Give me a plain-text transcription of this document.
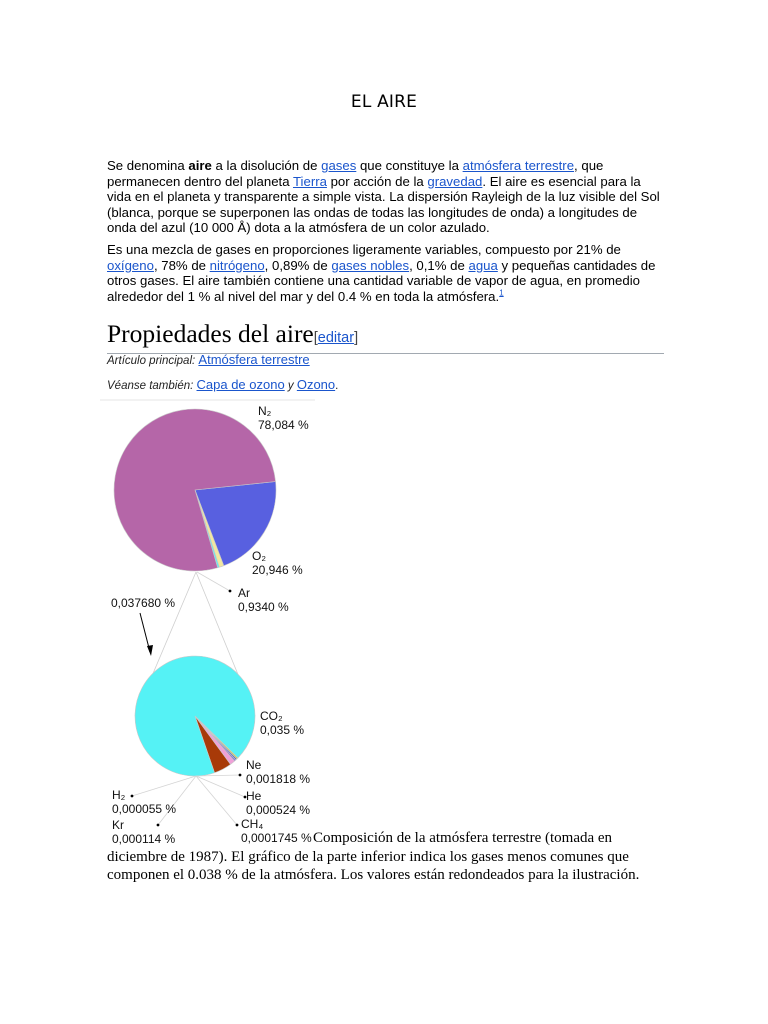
EL AIRE

Se denomina aire a la disolución de gases que constituye la atmósfera terrestre, que permanecen dentro del planeta Tierra por acción de la gravedad. El aire es esencial para la vida en el planeta y transparente a simple vista. La dispersión Rayleigh de la luz visible del Sol (blanca, porque se superponen las ondas de todas las longitudes de onda) a longitudes de onda del azul (10 000 Å) dota a la atmósfera de un color azulado.

Es una mezcla de gases en proporciones ligeramente variables, compuesto por 21% de oxígeno, 78% de nitrógeno, 0,89% de gases nobles, 0,1% de agua y pequeñas cantidades de otros gases. El aire también contiene una cantidad variable de vapor de agua, en promedio alrededor del 1 % al nivel del mar y del 0.4 % en toda la atmósfera.$^1$

Propiedades del aire[editar]
Artículo principal: Atmósfera terrestre
Véanse también: Capa de ozono y Ozono.
N₂
78,084 %
O₂
20,946 %
Ar
0,9340 %
0,037680 %
CO₂
0,035 %
Ne
0,001818 %
He
0,000524 %
CH₄
0,0001745 %
Kr
0,000114 %
H₂
0,000055 %

Composición de la atmósfera terrestre (tomada en diciembre de 1987). El gráfico de la parte inferior indica los gases menos comunes que componen el 0.038 % de la atmósfera. Los valores están redondeados para la ilustración.
